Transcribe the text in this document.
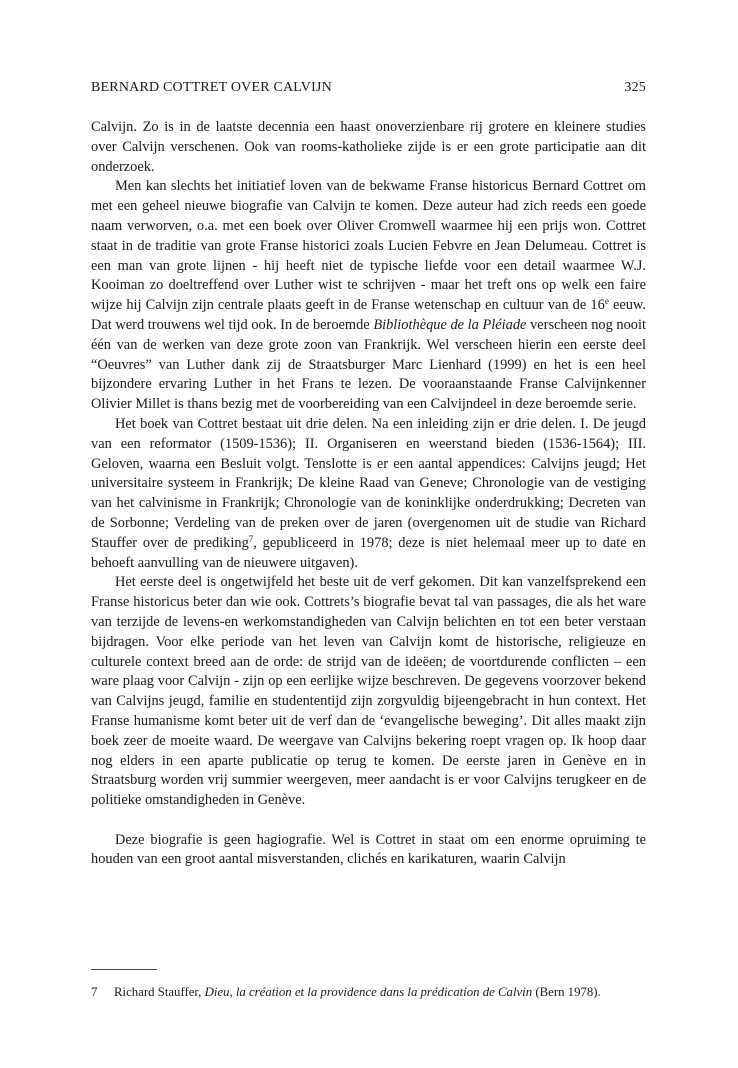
BERNARD COTTRET OVER CALVIJN	325

Calvijn. Zo is in de laatste decennia een haast onoverzienbare rij grotere en kleinere studies over Calvijn verschenen. Ook van rooms-katholieke zijde is er een grote participatie aan dit onderzoek.

Men kan slechts het initiatief loven van de bekwame Franse historicus Bernard Cottret om met een geheel nieuwe biografie van Calvijn te komen. Deze auteur had zich reeds een goede naam verworven, o.a. met een boek over Oliver Cromwell waarmee hij een prijs won. Cottret staat in de traditie van grote Franse historici zoals Lucien Febvre en Jean Delumeau. Cottret is een man van grote lijnen - hij heeft niet de typische liefde voor een detail waarmee W.J. Kooiman zo doeltreffend over Luther wist te schrijven - maar het treft ons op welk een faire wijze hij Calvijn zijn centrale plaats geeft in de Franse wetenschap en cultuur van de 16e eeuw. Dat werd trouwens wel tijd ook. In de beroemde Bibliothèque de la Pléiade verscheen nog nooit één van de werken van deze grote zoon van Frankrijk. Wel verscheen hierin een eerste deel “Oeuvres” van Luther dank zij de Straatsburger Marc Lienhard (1999) en het is een heel bijzondere ervaring Luther in het Frans te lezen. De vooraanstaande Franse Calvijnkenner Olivier Millet is thans bezig met de voorbereiding van een Calvijndeel in deze beroemde serie.

Het boek van Cottret bestaat uit drie delen. Na een inleiding zijn er drie delen. I. De jeugd van een reformator (1509-1536); II. Organiseren en weerstand bieden (1536-1564); III. Geloven, waarna een Besluit volgt. Tenslotte is er een aantal appendices: Calvijns jeugd; Het universitaire systeem in Frankrijk; De kleine Raad van Geneve; Chronologie van de vestiging van het calvinisme in Frankrijk; Chronologie van de koninklijke onderdrukking; Decreten van de Sorbonne; Verdeling van de preken over de jaren (overgenomen uit de studie van Richard Stauffer over de prediking$^7$, gepubliceerd in 1978; deze is niet helemaal meer up to date en behoeft aanvulling van de nieuwere uitgaven).

Het eerste deel is ongetwijfeld het beste uit de verf gekomen. Dit kan vanzelfsprekend een Franse historicus beter dan wie ook. Cottrets’s biografie bevat tal van passages, die als het ware van terzijde de levens-en werkomstandigheden van Calvijn belichten en tot een beter verstaan bijdragen. Voor elke periode van het leven van Calvijn komt de historische, religieuze en culturele context breed aan de orde: de strijd van de ideëen; de voortdurende conflicten – een ware plaag voor Calvijn - zijn op een eerlijke wijze beschreven. De gegevens voorzover bekend van Calvijns jeugd, familie en studententijd zijn zorgvuldig bijeengebracht in hun context. Het Franse humanisme komt beter uit de verf dan de ‘evangelische beweging’. Dit alles maakt zijn boek zeer de moeite waard. De weergave van Calvijns bekering roept vragen op. Ik hoop daar nog elders in een aparte publicatie op terug te komen. De eerste jaren in Genève en in Straatsburg worden vrij summier weergeven, meer aandacht is er voor Calvijns terugkeer en de politieke omstandigheden in Genève.

Deze biografie is geen hagiografie. Wel is Cottret in staat om een enorme opruiming te houden van een groot aantal misverstanden, clichés en karikaturen, waarin Calvijn

7 Richard Stauffer, Dieu, la création et la providence dans la prédication de Calvin (Bern 1978).
